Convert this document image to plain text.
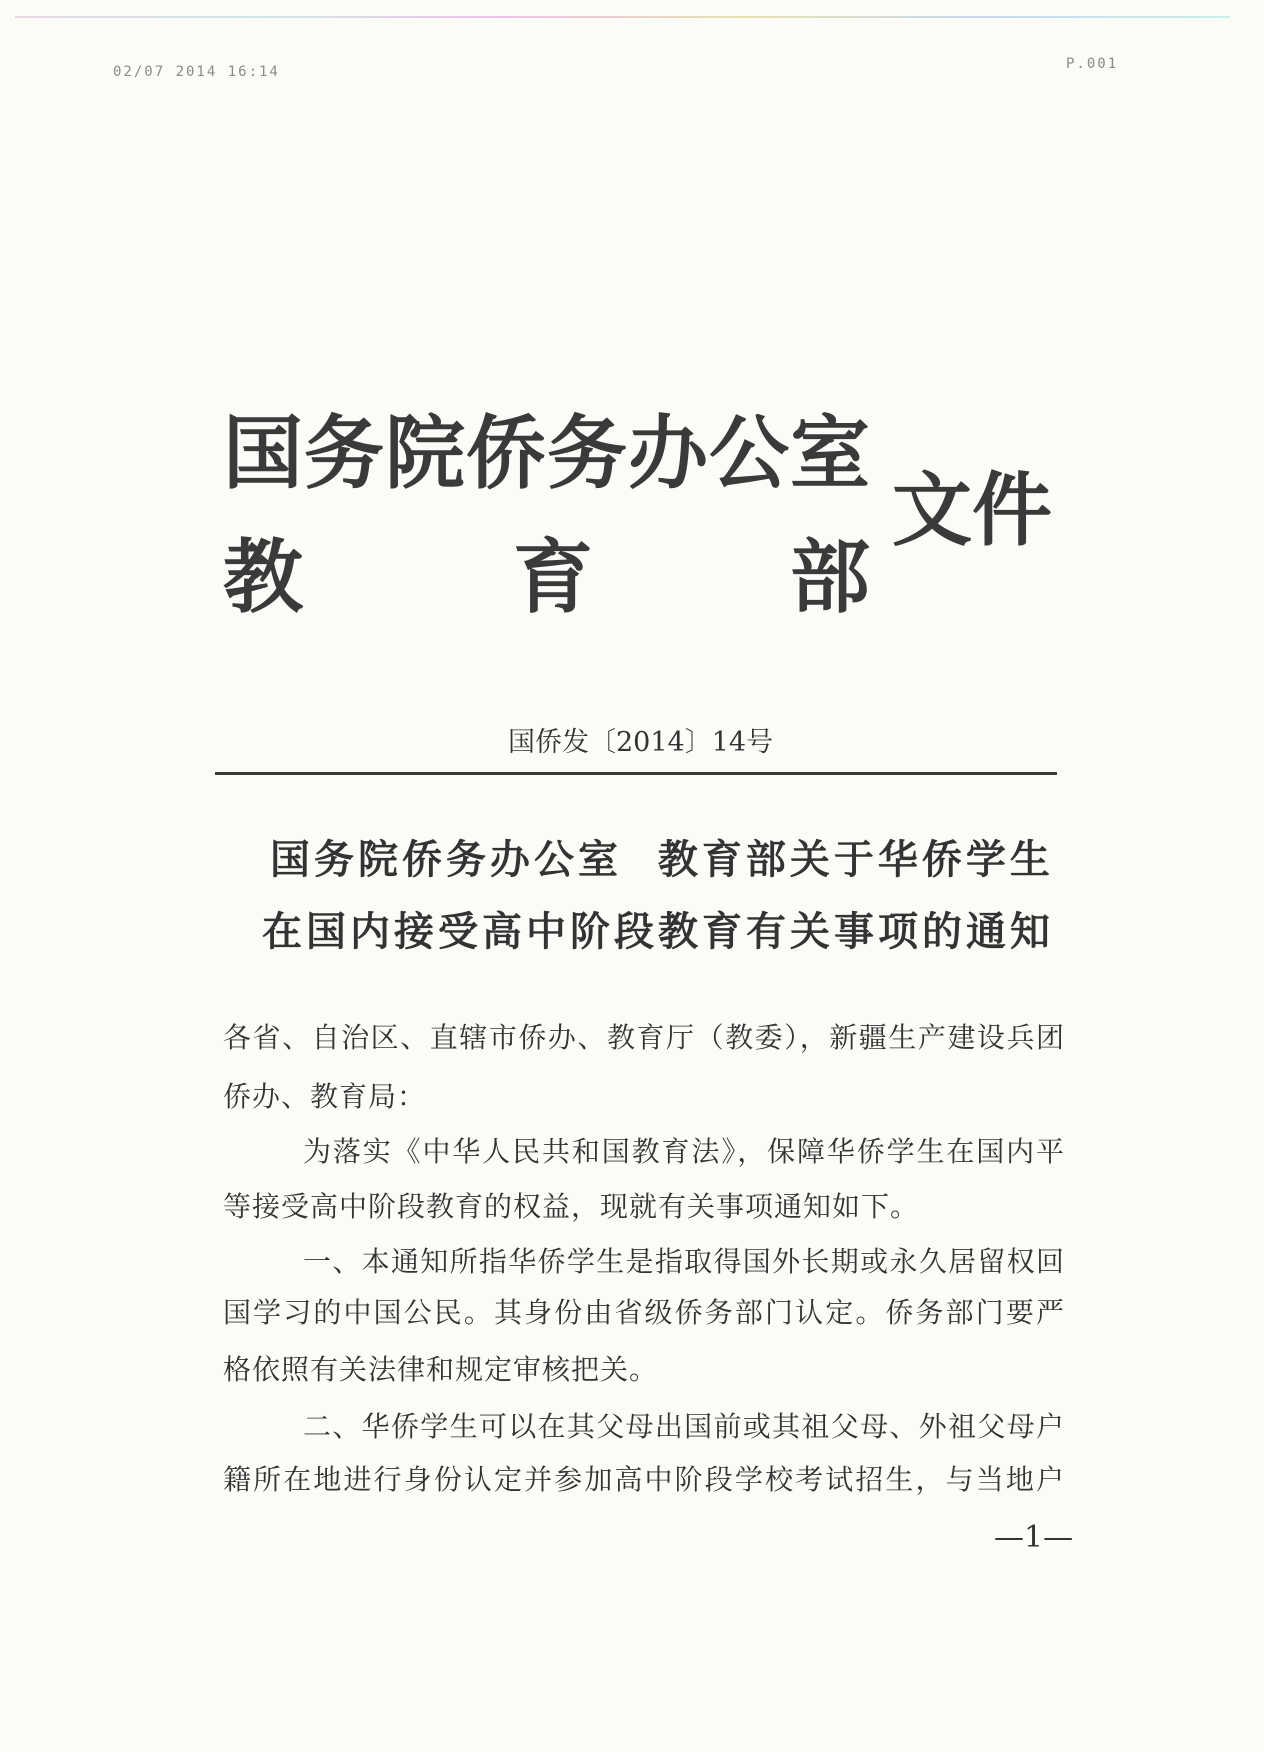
02/07 2014 16:14	P.001
国务院侨务办公室
教	育 部
文件
国侨发〔2014〕14号
国务院侨务办公室  教育部关于华侨学生
在国内接受高中阶段教育有关事项的通知
各省、自治区、直辖市侨办、教育厅（教委），新疆生产建设兵团
侨办、教育局：
为落实《中华人民共和国教育法》，保障华侨学生在国内平
等接受高中阶段教育的权益，现就有关事项通知如下。
一、本通知所指华侨学生是指取得国外长期或永久居留权回
国学习的中国公民。其身份由省级侨务部门认定。侨务部门要严
格依照有关法律和规定审核把关。
二、华侨学生可以在其父母出国前或其祖父母、外祖父母户
籍所在地进行身份认定并参加高中阶段学校考试招生，与当地户
—1—
